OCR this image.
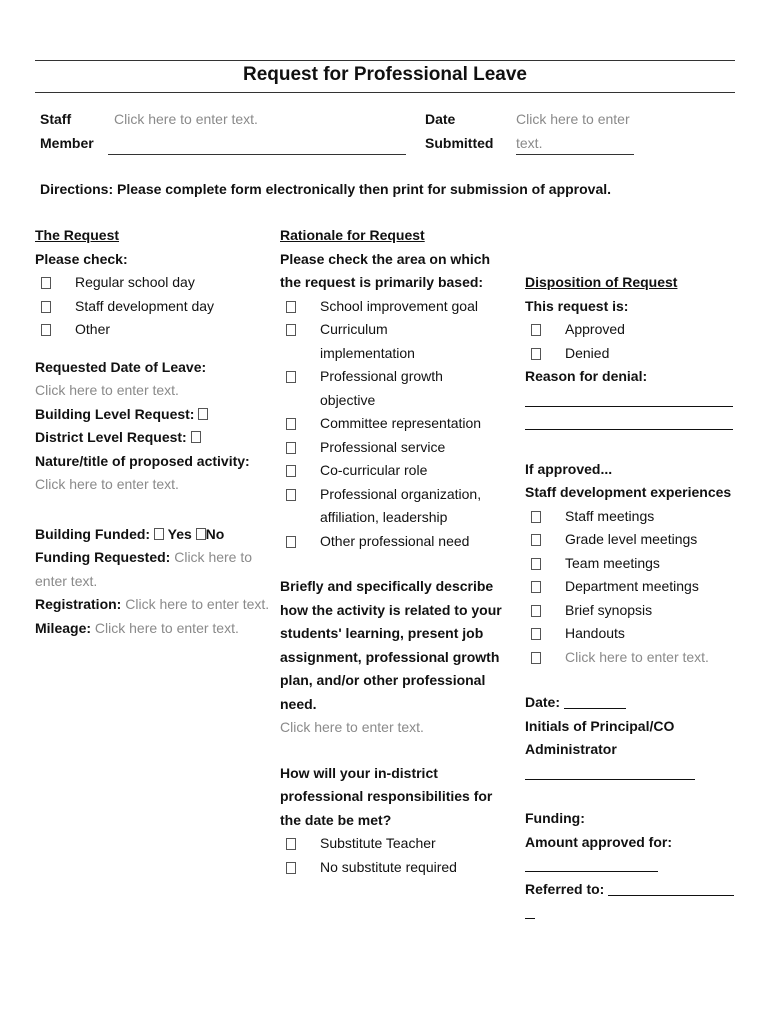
Request for Professional Leave
Staff
Member
Click here to enter text.	Date
Submitted
Click here to enter
text.
Directions: Please complete form electronically then print for submission of approval.
The Request
Please check:
Regular school day
Staff development day
Other
Requested Date of Leave:
Click here to enter text.
Building Level Request:
District Level Request:
Nature/title of proposed activity:
Click here to enter text.
Building Funded: Yes No
Funding Requested: Click here to
enter text.
Registration: Click here to enter text.
Mileage: Click here to enter text.
Rationale for Request
Please check the area on which
the request is primarily based:
School improvement goal
Curriculum
implementation
Professional growth
objective
Committee representation
Professional service
Co-curricular role
Professional organization,
affiliation, leadership
Other professional need
Briefly and specifically describe
how the activity is related to your
students' learning, present job
assignment, professional growth
plan, and/or other professional
need.
Click here to enter text.
How will your in-district
professional responsibilities for
the date be met?
Substitute Teacher
No substitute required
Disposition of Request
This request is:
Approved
Denied
Reason for denial:
If approved...
Staff development experiences
Staff meetings
Grade level meetings
Team meetings
Department meetings
Brief synopsis
Handouts
Click here to enter text.
Date:
Initials of Principal/CO
Administrator
Funding:
Amount approved for:
Referred to:
